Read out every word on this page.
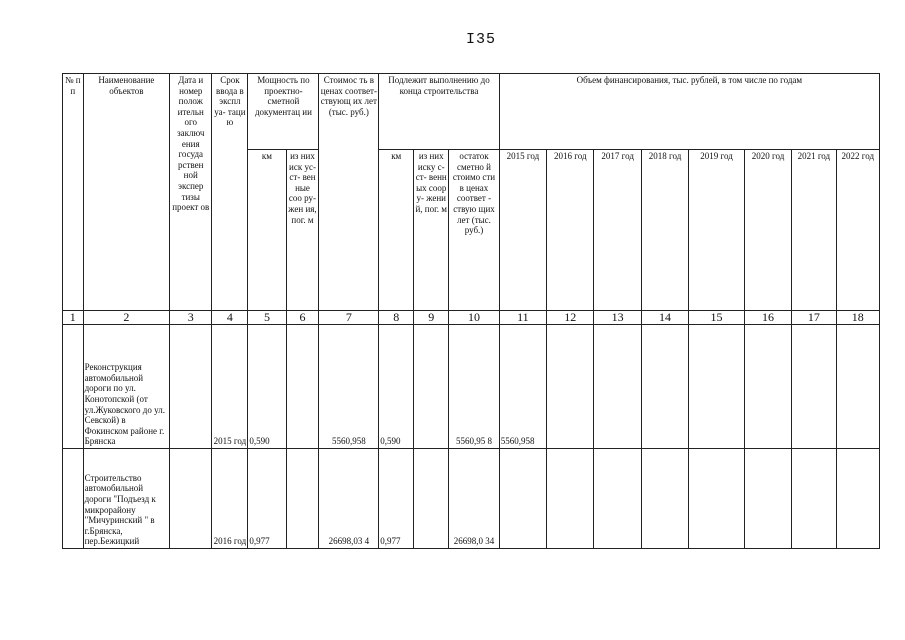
I35
№ п п	Наименование объектов	Дата и номер полож ительн ого заключ ения госуда рствен ной экспер тизы проект ов	Срок ввода в экспл уа- таци ю	Мощность по проектно- сметной документац ии		Стоимос ть в ценах соответ- ствующ их лет (тыс. руб.)	Подлежит выполнению до конца строительства			Объем финансирования, тыс. рублей, в том числе по годам							
				км	из них иск ус- ст- вен ные соо ру- жен ия, пог. м		км	из них иску с-ст- венн ых соор у- жени й, пог. м	остаток сметно й стоимо сти в ценах соответ - ствую щих лет (тыс. руб.)	2015 год	2016 год	2017 год	2018 год	2019 год	2020 год	2021 год	2022 год
1	2	3	4	5	6	7	8	9	10	11	12	13	14	15	16	17	18
	Реконструкция автомобильной дороги по ул. Конотопской (от ул.Жуковского до ул. Севской) в Фокинском районе г. Брянска		2015 год	0,590		5560,958	0,590		5560,95 8	5560,958							
	Строительство автомобильной дороги "Подъезд к микрорайону "Мичуринский " в г.Брянска, пер.Бежицкий		2016 год	0,977		26698,03 4	0,977		26698,0 34								
